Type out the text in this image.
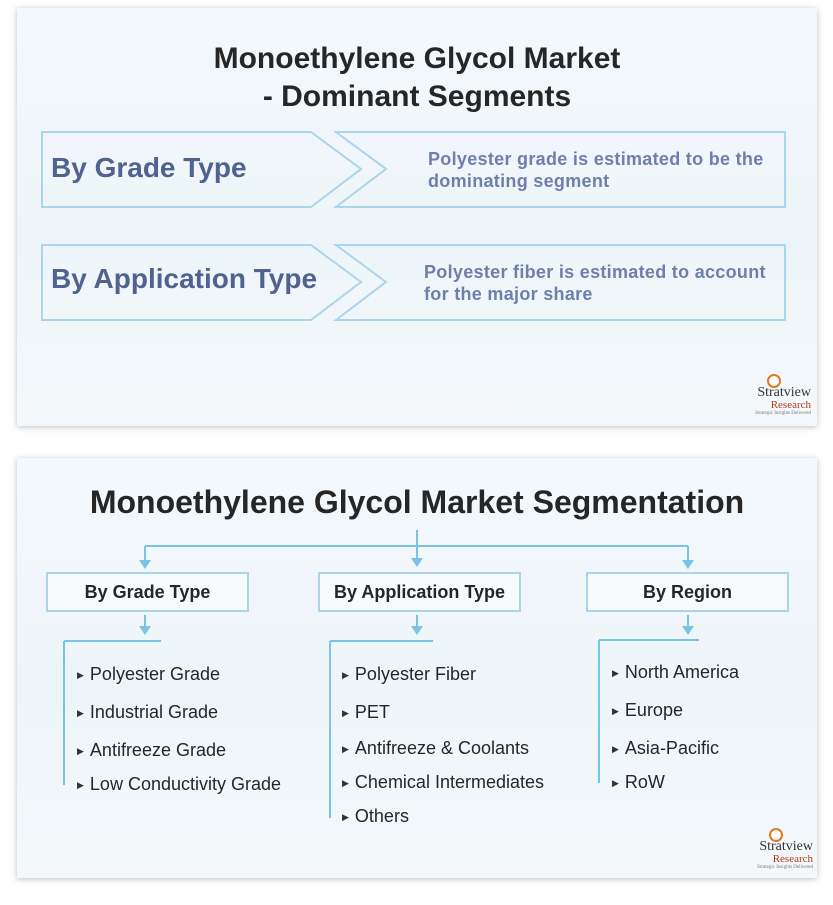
Monoethylene Glycol Market
- Dominant Segments
By Grade Type	Polyester grade is estimated to be the
dominating segment
By Application Type	Polyester fiber is estimated to account
for the major share
Stratview
Research
Strategic Insights Delivered
Monoethylene Glycol Market Segmentation
By Grade Type	By Application Type	By Region
▶ Polyester Grade
▶ Industrial Grade
▶ Antifreeze Grade
▶ Low Conductivity Grade
▶ Polyester Fiber
▶ PET
▶ Antifreeze & Coolants
▶ Chemical Intermediates
▶ Others
▶ North America
▶ Europe
▶ Asia-Pacific
▶ RoW
Stratview
Research
Strategic Insights Delivered
